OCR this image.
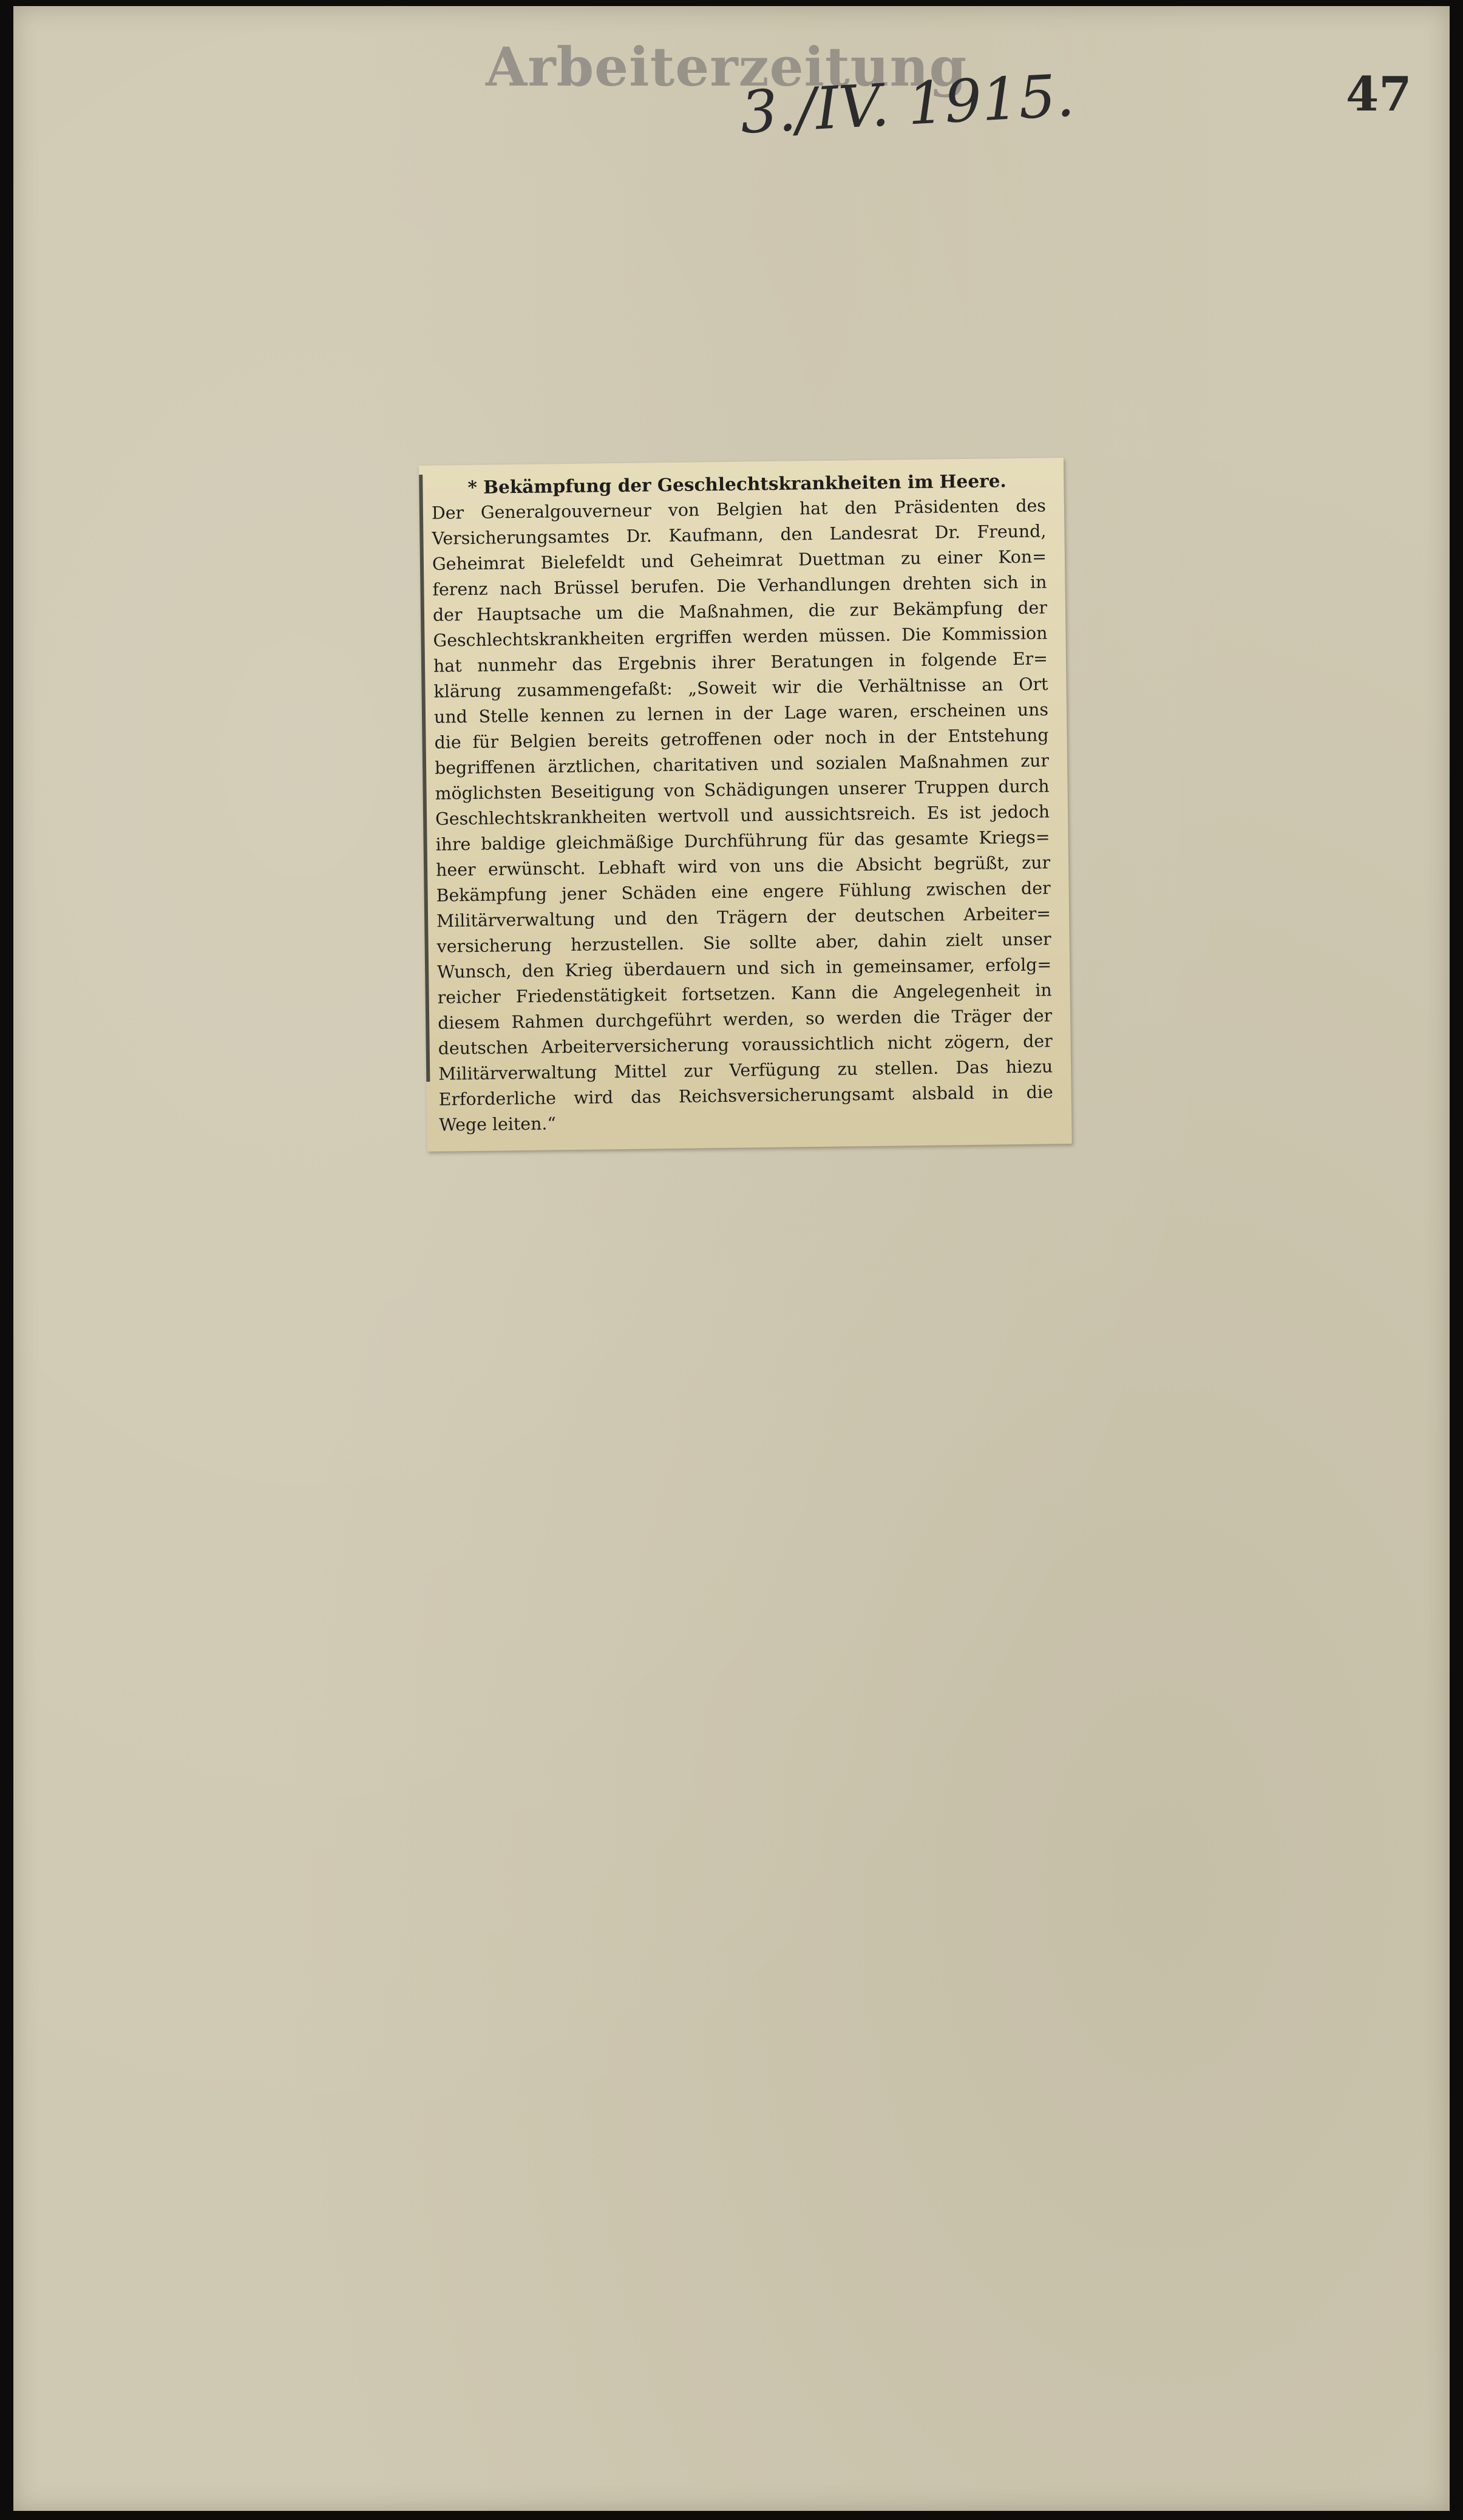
Arbeiterzeitung
3./IV. 1915.	47
* Bekämpfung der Geschlechtskrankheiten im Heere.
Der Generalgouverneur von Belgien hat den Präsidenten des
Versicherungsamtes Dr. Kaufmann, den Landesrat Dr. Freund,
Geheimrat Bielefeldt und Geheimrat Duettman zu einer Kon=
ferenz nach Brüssel berufen. Die Verhandlungen drehten sich in
der Hauptsache um die Maßnahmen, die zur Bekämpfung der
Geschlechtskrankheiten ergriffen werden müssen. Die Kommission
hat nunmehr das Ergebnis ihrer Beratungen in folgende Er=
klärung zusammengefaßt: „Soweit wir die Verhältnisse an Ort
und Stelle kennen zu lernen in der Lage waren, erscheinen uns
die für Belgien bereits getroffenen oder noch in der Entstehung
begriffenen ärztlichen, charitativen und sozialen Maßnahmen zur
möglichsten Beseitigung von Schädigungen unserer Truppen durch
Geschlechtskrankheiten wertvoll und aussichtsreich. Es ist jedoch
ihre baldige gleichmäßige Durchführung für das gesamte Kriegs=
heer erwünscht. Lebhaft wird von uns die Absicht begrüßt, zur
Bekämpfung jener Schäden eine engere Fühlung zwischen der
Militärverwaltung und den Trägern der deutschen Arbeiter=
versicherung herzustellen. Sie sollte aber, dahin zielt unser
Wunsch, den Krieg überdauern und sich in gemeinsamer, erfolg=
reicher Friedenstätigkeit fortsetzen. Kann die Angelegenheit in
diesem Rahmen durchgeführt werden, so werden die Träger der
deutschen Arbeiterversicherung voraussichtlich nicht zögern, der
Militärverwaltung Mittel zur Verfügung zu stellen. Das hiezu
Erforderliche wird das Reichsversicherungsamt alsbald in die
Wege leiten.“
